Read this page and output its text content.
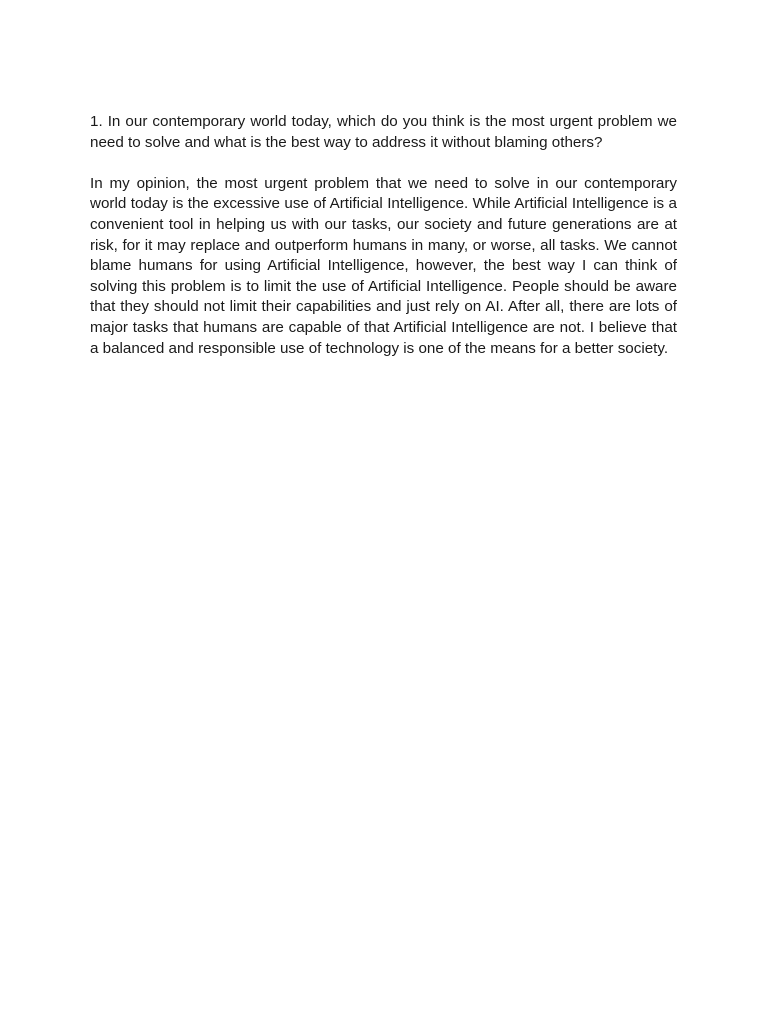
1. In our contemporary world today, which do you think is the most urgent problem we need to solve and what is the best way to address it without blaming others?

In my opinion, the most urgent problem that we need to solve in our contemporary world today is the excessive use of Artificial Intelligence. While Artificial Intelligence is a convenient tool in helping us with our tasks, our society and future generations are at risk, for it may replace and outperform humans in many, or worse, all tasks. We cannot blame humans for using Artificial Intelligence, however, the best way I can think of solving this problem is to limit the use of Artificial Intelligence. People should be aware that they should not limit their capabilities and just rely on AI. After all, there are lots of major tasks that humans are capable of that Artificial Intelligence are not. I believe that a balanced and responsible use of technology is one of the means for a better society.
